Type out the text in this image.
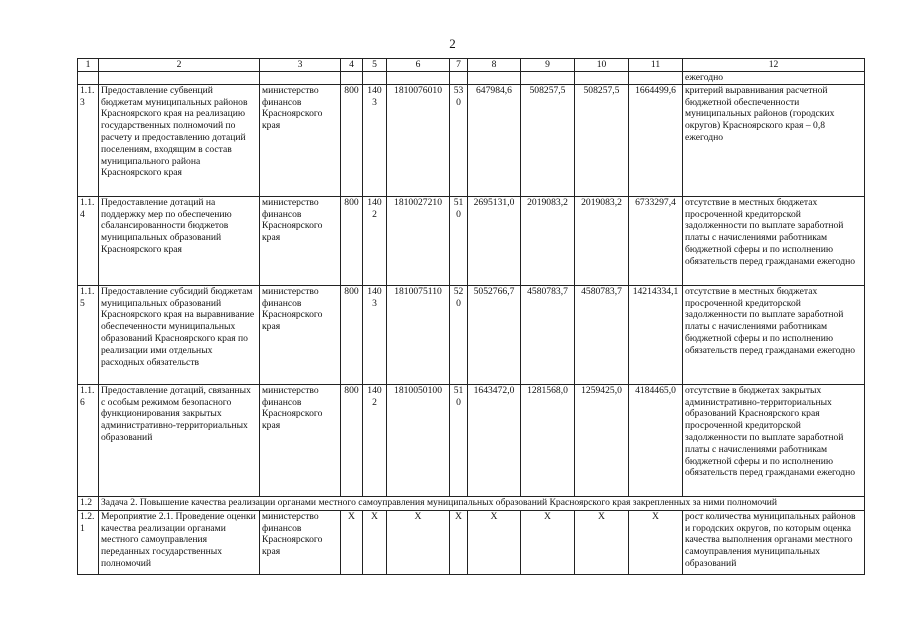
2
1	2	3	4	5	6	7	8	9	10	11	12
											ежегодно
1.1.3	Предоставление субвенций бюджетам муниципальных районов Красноярского края на реализацию государственных полномочий по расчету и предоставлению дотаций поселениям, входящим в состав муниципального района Красноярского края	министерство финансов Красноярского края	800	1403	1810076010	530	647984,6	508257,5	508257,5	1664499,6	критерий выравнивания расчетной бюджетной обеспеченности муниципальных районов (городских округов) Красноярского края – 0,8 ежегодно
1.1.4	Предоставление дотаций на поддержку мер по обеспечению сбалансированности бюджетов муниципальных образований Красноярского края	министерство финансов Красноярского края	800	1402	1810027210	510	2695131,0	2019083,2	2019083,2	6733297,4	отсутствие в местных бюджетах просроченной кредиторской задолженности по выплате заработной платы с начислениями работникам бюджетной сферы и по исполнению обязательств перед гражданами ежегодно
1.1.5	Предоставление субсидий бюджетам муниципальных образований Красноярского края на выравнивание обеспеченности муниципальных образований Красноярского края по реализации ими отдельных расходных обязательств	министерство финансов Красноярского края	800	1403	1810075110	520	5052766,7	4580783,7	4580783,7	14214334,1	отсутствие в местных бюджетах просроченной кредиторской задолженности по выплате заработной платы с начислениями работникам бюджетной сферы и по исполнению обязательств перед гражданами ежегодно
1.1.6	Предоставление дотаций, связанных с особым режимом безопасного функционирования закрытых административно-территориальных образований	министерство финансов Красноярского края	800	1402	1810050100	510	1643472,0	1281568,0	1259425,0	4184465,0	отсутствие в бюджетах закрытых административно-территориальных образований Красноярского края просроченной кредиторской задолженности по выплате заработной платы с начислениями работникам бюджетной сферы и по исполнению обязательств перед гражданами ежегодно
1.2	Задача 2. Повышение качества реализации органами местного самоуправления муниципальных образований Красноярского края закрепленных за ними полномочий										
1.2.1	Мероприятие 2.1. Проведение оценки качества реализации органами местного самоуправления переданных государственных полномочий	министерство финансов Красноярского края	Х	Х	Х	Х	Х	Х	Х	Х	рост количества муниципальных районов и городских округов, по которым оценка качества выполнения органами местного самоуправления муниципальных образований
